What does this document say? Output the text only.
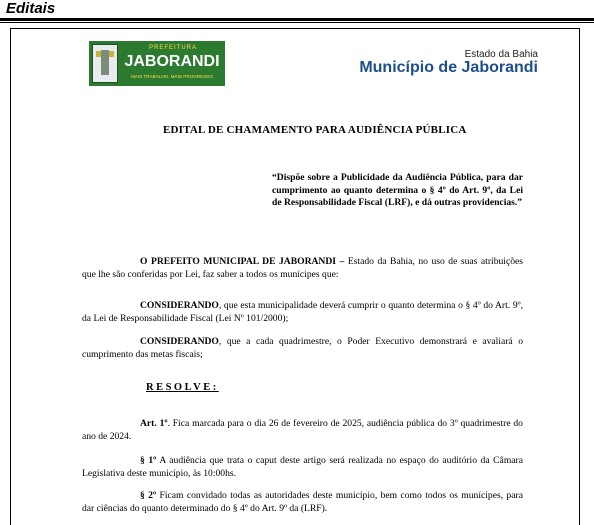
Editais
PREFEITURA
JABORANDI
MAIS TRABALHO, MAIS PROGRESSO
Estado da Bahia
Município de Jaborandi
EDITAL DE CHAMAMENTO PARA AUDIÊNCIA PÚBLICA
“Dispõe sobre a Publicidade da Audiência Pública, para dar cumprimento ao quanto determina o § 4º do Art. 9º, da Lei de Responsabilidade Fiscal (LRF), e dá outras providencias.”
O PREFEITO MUNICIPAL DE JABORANDI – Estado da Bahia, no uso de suas atribuições que lhe são conferidas por Lei, faz saber a todos os munícipes que:
CONSIDERANDO, que esta municipalidade deverá cumprir o quanto determina o § 4º do Art. 9º, da Lei de Responsabilidade Fiscal (Lei Nº 101/2000);
CONSIDERANDO, que a cada quadrimestre, o Poder Executivo demonstrará e avaliará o cumprimento das metas fiscais;
RESOLVE:
Art. 1º. Fica marcada para o dia 26 de fevereiro de 2025, audiência pública do 3º quadrimestre do ano de 2024.
§ 1º A audiência que trata o caput deste artigo será realizada no espaço do auditório da Câmara Legislativa deste município, às 10:00hs.
§ 2º Ficam convidado todas as autoridades deste município, bem como todos os munícipes, para dar ciências do quanto determinado do § 4º do Art. 9º da (LRF).
